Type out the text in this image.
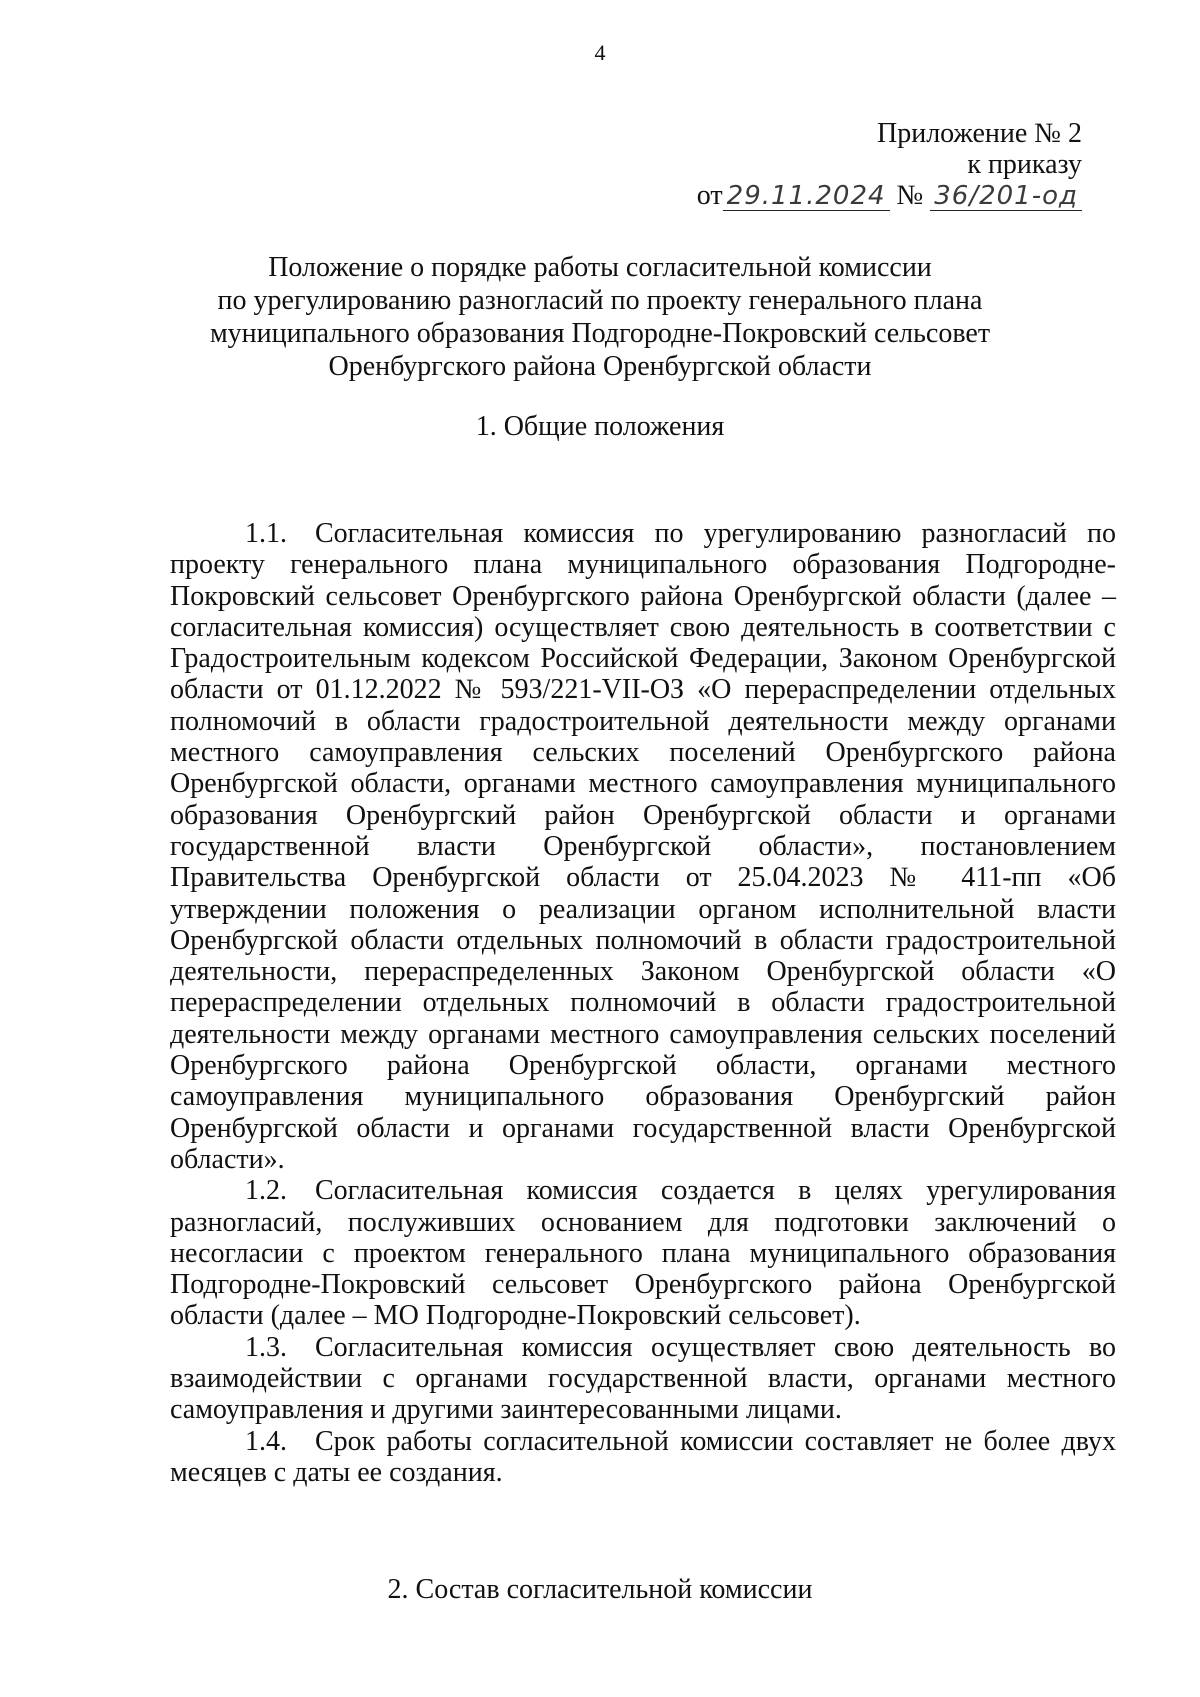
4
Приложение № 2
к приказу
от 29.11.2024 № 36/201-од
Положение о порядке работы согласительной комиссии
по урегулированию разногласий по проекту генерального плана
муниципального образования Подгородне-Покровский сельсовет
Оренбургского района Оренбургской области
1. Общие положения

1.1. Согласительная комиссия по урегулированию разногласий по проекту генерального плана муниципального образования Подгородне-Покровский сельсовет Оренбургского района Оренбургской области (далее – согласительная комиссия) осуществляет свою деятельность в соответствии с Градостроительным кодексом Российской Федерации, Законом Оренбургской области от 01.12.2022 № 593/221-VII-ОЗ «О перераспределении отдельных полномочий в области градостроительной деятельности между органами местного самоуправления сельских поселений Оренбургского района Оренбургской области, органами местного самоуправления муниципального образования Оренбургский район Оренбургской области и органами государственной власти Оренбургской области», постановлением Правительства Оренбургской области от 25.04.2023 № 411-пп «Об утверждении положения о реализации органом исполнительной власти Оренбургской области отдельных полномочий в области градостроительной деятельности, перераспределенных Законом Оренбургской области «О перераспределении отдельных полномочий в области градостроительной деятельности между органами местного самоуправления сельских поселений Оренбургского района Оренбургской области, органами местного самоуправления муниципального образования Оренбургский район Оренбургской области и органами государственной власти Оренбургской области».

1.2. Согласительная комиссия создается в целях урегулирования разногласий, послуживших основанием для подготовки заключений о несогласии с проектом генерального плана муниципального образования Подгородне-Покровский сельсовет Оренбургского района Оренбургской области (далее – МО Подгородне-Покровский сельсовет).

1.3. Согласительная комиссия осуществляет свою деятельность во взаимодействии с органами государственной власти, органами местного самоуправления и другими заинтересованными лицами.

1.4. Срок работы согласительной комиссии составляет не более двух месяцев с даты ее создания.

2. Состав согласительной комиссии
